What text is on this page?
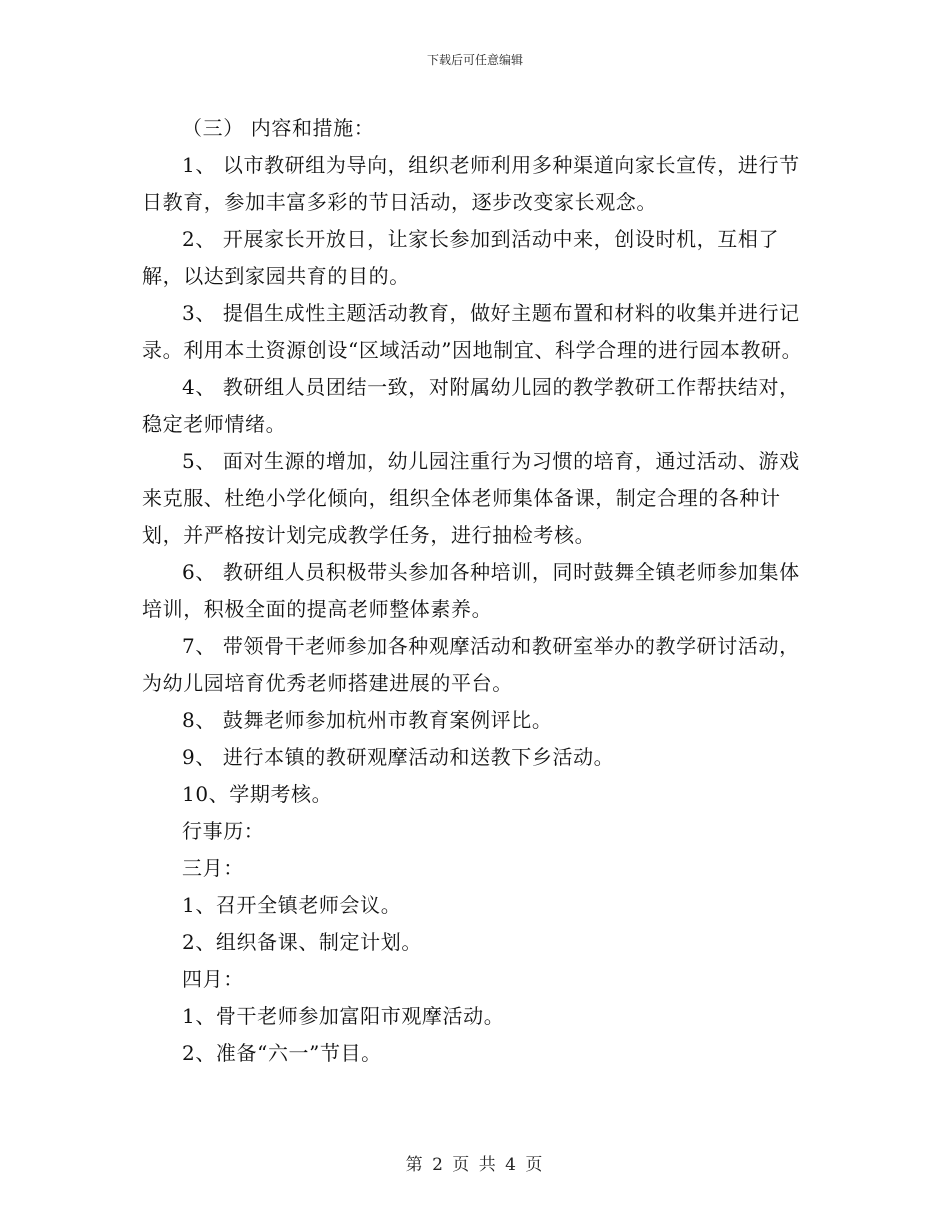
下载后可任意编辑

（三） 内容和措施：

1、 以市教研组为导向，组织老师利用多种渠道向家长宣传，进行节日教育，参加丰富多彩的节日活动，逐步改变家长观念。

2、 开展家长开放日，让家长参加到活动中来，创设时机，互相了解，以达到家园共育的目的。

3、 提倡生成性主题活动教育，做好主题布置和材料的收集并进行记录。利用本土资源创设“区域活动”因地制宜、科学合理的进行园本教研。

4、 教研组人员团结一致，对附属幼儿园的教学教研工作帮扶结对，稳定老师情绪。

5、 面对生源的增加，幼儿园注重行为习惯的培育，通过活动、游戏来克服、杜绝小学化倾向，组织全体老师集体备课，制定合理的各种计划，并严格按计划完成教学任务，进行抽检考核。

6、 教研组人员积极带头参加各种培训，同时鼓舞全镇老师参加集体培训，积极全面的提高老师整体素养。

7、 带领骨干老师参加各种观摩活动和教研室举办的教学研讨活动，为幼儿园培育优秀老师搭建进展的平台。

8、 鼓舞老师参加杭州市教育案例评比。

9、 进行本镇的教研观摩活动和送教下乡活动。

10、学期考核。

行事历：

三月：

1、召开全镇老师会议。

2、组织备课、制定计划。

四月：

1、骨干老师参加富阳市观摩活动。

2、准备“六一”节目。

第 2 页 共 4 页
